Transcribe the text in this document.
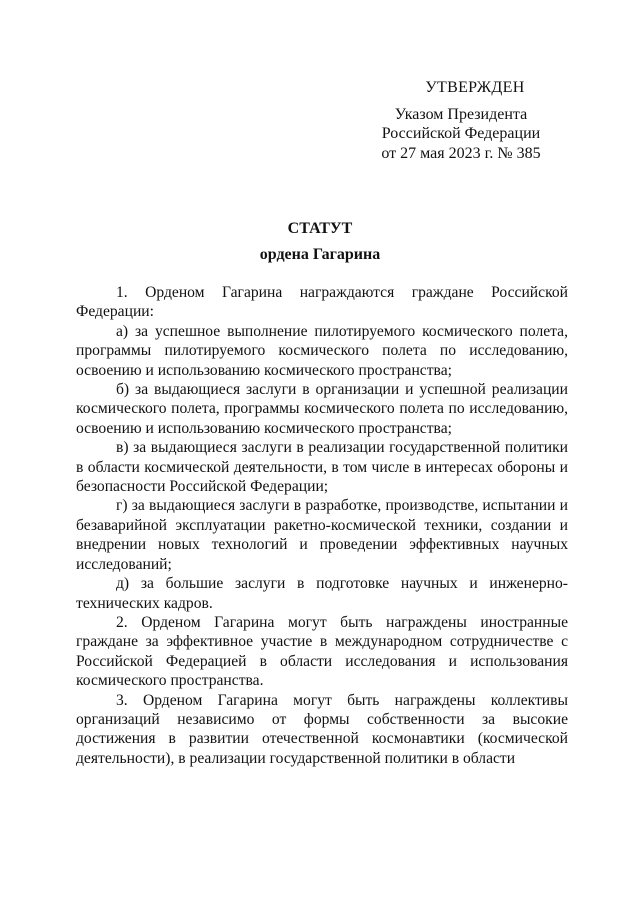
УТВЕРЖДЕН
Указом Президента
Российской Федерации
от 27 мая 2023 г. № 385
СТАТУТ
ордена Гагарина

1. Орденом Гагарина награждаются граждане Российской Федерации:

а) за успешное выполнение пилотируемого космического полета, программы пилотируемого космического полета по исследованию, освоению и использованию космического пространства;

б) за выдающиеся заслуги в организации и успешной реализации космического полета, программы космического полета по исследованию, освоению и использованию космического пространства;

в) за выдающиеся заслуги в реализации государственной политики в области космической деятельности, в том числе в интересах обороны и безопасности Российской Федерации;

г) за выдающиеся заслуги в разработке, производстве, испытании и безаварийной эксплуатации ракетно-космической техники, создании и внедрении новых технологий и проведении эффективных научных исследований;

д) за большие заслуги в подготовке научных и инженерно-технических кадров.

2. Орденом Гагарина могут быть награждены иностранные граждане за эффективное участие в международном сотрудничестве с Российской Федерацией в области исследования и использования космического пространства.

3. Орденом Гагарина могут быть награждены коллективы организаций независимо от формы собственности за высокие достижения в развитии отечественной космонавтики (космической деятельности), в реализации государственной политики в области
